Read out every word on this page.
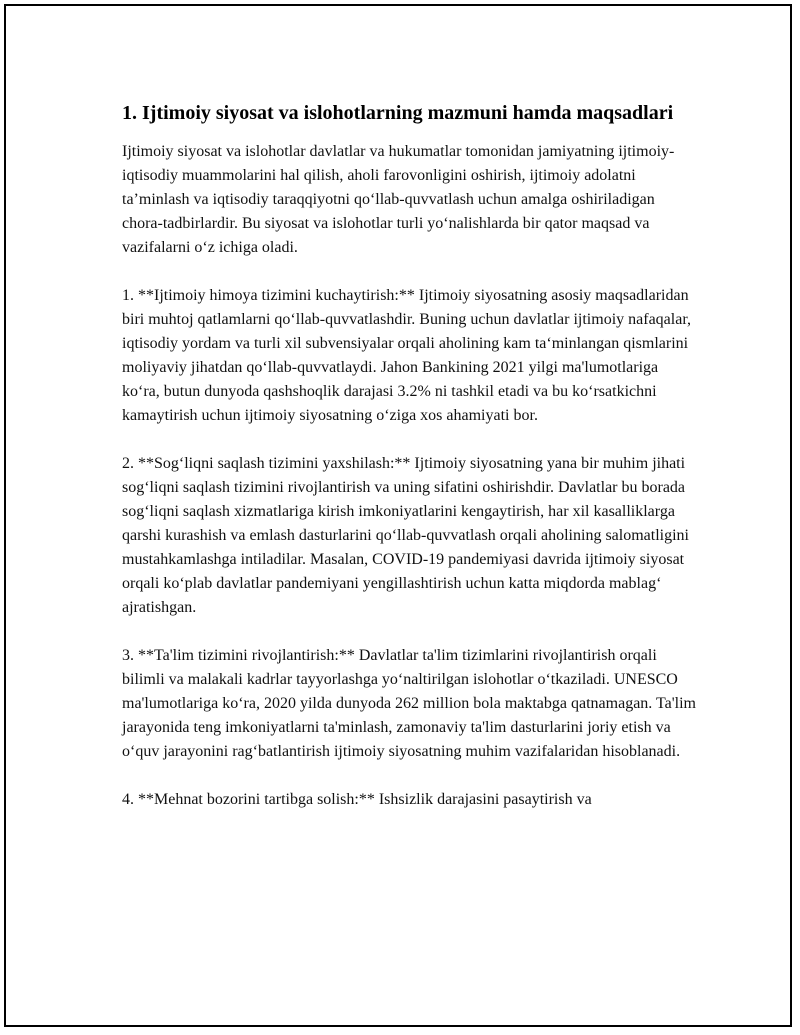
1. Ijtimoiy siyosat va islohotlarning mazmuni hamda maqsadlari

Ijtimoiy siyosat va islohotlar davlatlar va hukumatlar tomonidan jamiyatning ijtimoiy-iqtisodiy muammolarini hal qilish, aholi farovonligini oshirish, ijtimoiy adolatni taʼminlash va iqtisodiy taraqqiyotni qoʻllab-quvvatlash uchun amalga oshiriladigan chora-tadbirlardir. Bu siyosat va islohotlar turli yoʻnalishlarda bir qator maqsad va vazifalarni oʻz ichiga oladi.

1. **Ijtimoiy himoya tizimini kuchaytirish:** Ijtimoiy siyosatning asosiy maqsadlaridan biri muhtoj qatlamlarni qoʻllab-quvvatlashdir. Buning uchun davlatlar ijtimoiy nafaqalar, iqtisodiy yordam va turli xil subvensiyalar orqali aholining kam taʻminlangan qismlarini moliyaviy jihatdan qoʻllab-quvvatlaydi. Jahon Bankining 2021 yilgi ma'lumotlariga koʻra, butun dunyoda qashshoqlik darajasi 3.2% ni tashkil etadi va bu koʻrsatkichni kamaytirish uchun ijtimoiy siyosatning oʻziga xos ahamiyati bor.

2. **Sogʻliqni saqlash tizimini yaxshilash:** Ijtimoiy siyosatning yana bir muhim jihati sogʻliqni saqlash tizimini rivojlantirish va uning sifatini oshirishdir. Davlatlar bu borada sogʻliqni saqlash xizmatlariga kirish imkoniyatlarini kengaytirish, har xil kasalliklarga qarshi kurashish va emlash dasturlarini qoʻllab-quvvatlash orqali aholining salomatligini mustahkamlashga intiladilar. Masalan, COVID-19 pandemiyasi davrida ijtimoiy siyosat orqali koʻplab davlatlar pandemiyani yengillashtirish uchun katta miqdorda mablagʻ ajratishgan.

3. **Ta'lim tizimini rivojlantirish:** Davlatlar ta'lim tizimlarini rivojlantirish orqali bilimli va malakali kadrlar tayyorlashga yoʻnaltirilgan islohotlar oʻtkaziladi. UNESCO ma'lumotlariga koʻra, 2020 yilda dunyoda 262 million bola maktabga qatnamagan. Ta'lim jarayonida teng imkoniyatlarni ta'minlash, zamonaviy ta'lim dasturlarini joriy etish va oʻquv jarayonini ragʻbatlantirish ijtimoiy siyosatning muhim vazifalaridan hisoblanadi.

4. **Mehnat bozorini tartibga solish:** Ishsizlik darajasini pasaytirish va
